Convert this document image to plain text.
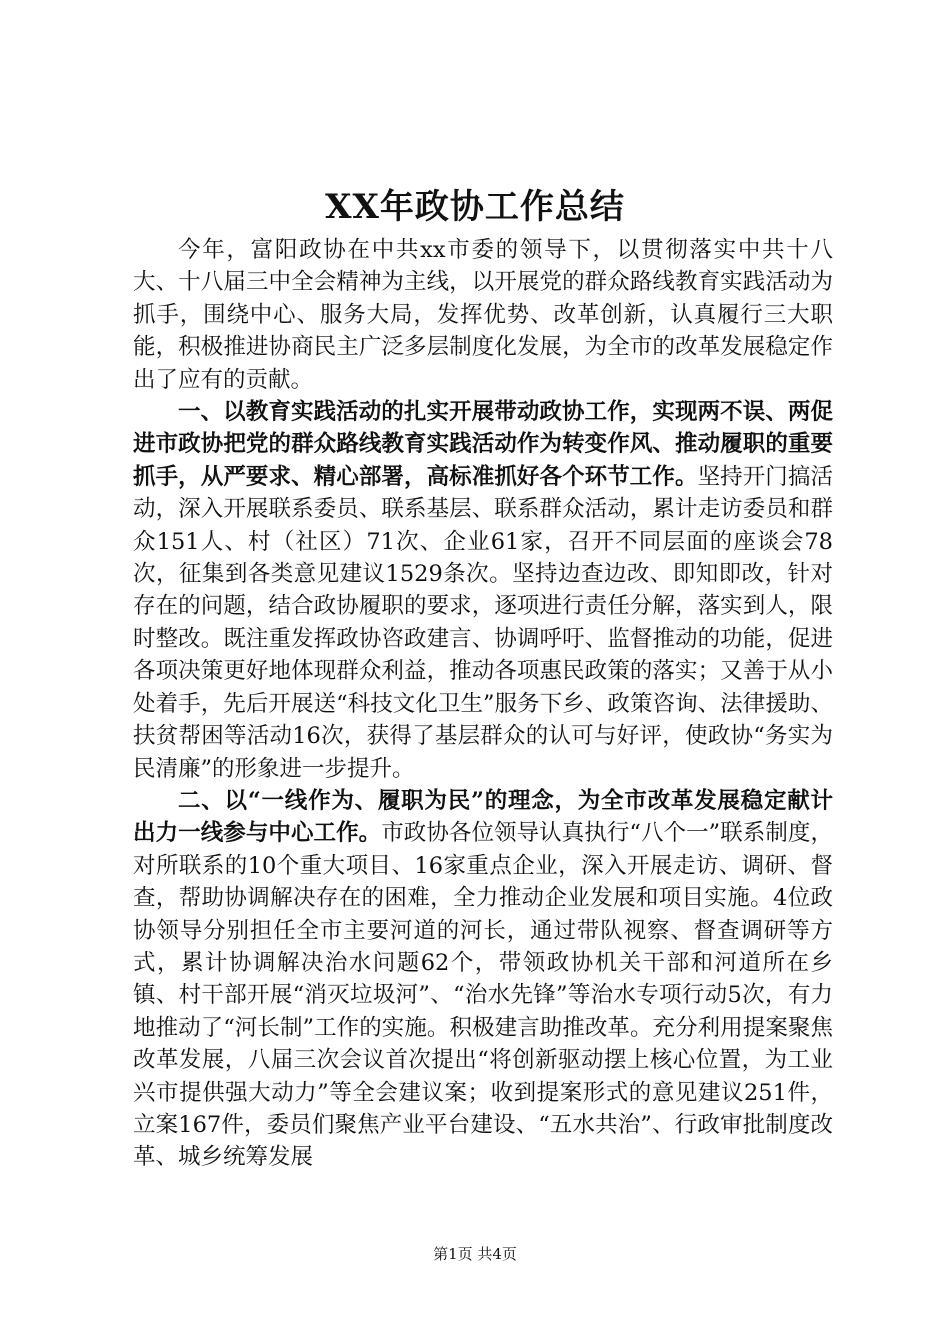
XX年政协工作总结

今年，富阳政协在中共xx市委的领导下，以贯彻落实中共十八大、十八届三中全会精神为主线，以开展党的群众路线教育实践活动为抓手，围绕中心、服务大局，发挥优势、改革创新，认真履行三大职能，积极推进协商民主广泛多层制度化发展，为全市的改革发展稳定作出了应有的贡献。

一、以教育实践活动的扎实开展带动政协工作，实现两不误、两促进市政协把党的群众路线教育实践活动作为转变作风、推动履职的重要抓手，从严要求、精心部署，高标准抓好各个环节工作。坚持开门搞活动，深入开展联系委员、联系基层、联系群众活动，累计走访委员和群众151人、村（社区）71次、企业61家，召开不同层面的座谈会78次，征集到各类意见建议1529条次。坚持边查边改、即知即改，针对存在的问题，结合政协履职的要求，逐项进行责任分解，落实到人，限时整改。既注重发挥政协咨政建言、协调呼吁、监督推动的功能，促进各项决策更好地体现群众利益，推动各项惠民政策的落实；又善于从小处着手，先后开展送“科技文化卫生”服务下乡、政策咨询、法律援助、扶贫帮困等活动16次，获得了基层群众的认可与好评，使政协“务实为民清廉”的形象进一步提升。

二、以“一线作为、履职为民”的理念，为全市改革发展稳定献计出力一线参与中心工作。市政协各位领导认真执行“八个一”联系制度，对所联系的10个重大项目、16家重点企业，深入开展走访、调研、督查，帮助协调解决存在的困难，全力推动企业发展和项目实施。4位政协领导分别担任全市主要河道的河长，通过带队视察、督查调研等方式，累计协调解决治水问题62个，带领政协机关干部和河道所在乡镇、村干部开展“消灭垃圾河”、“治水先锋”等治水专项行动5次，有力地推动了“河长制”工作的实施。积极建言助推改革。充分利用提案聚焦改革发展，八届三次会议首次提出“将创新驱动摆上核心位置，为工业兴市提供强大动力”等全会建议案；收到提案形式的意见建议251件，立案167件，委员们聚焦产业平台建设、“五水共治”、行政审批制度改革、城乡统筹发展

第1页 共4页
